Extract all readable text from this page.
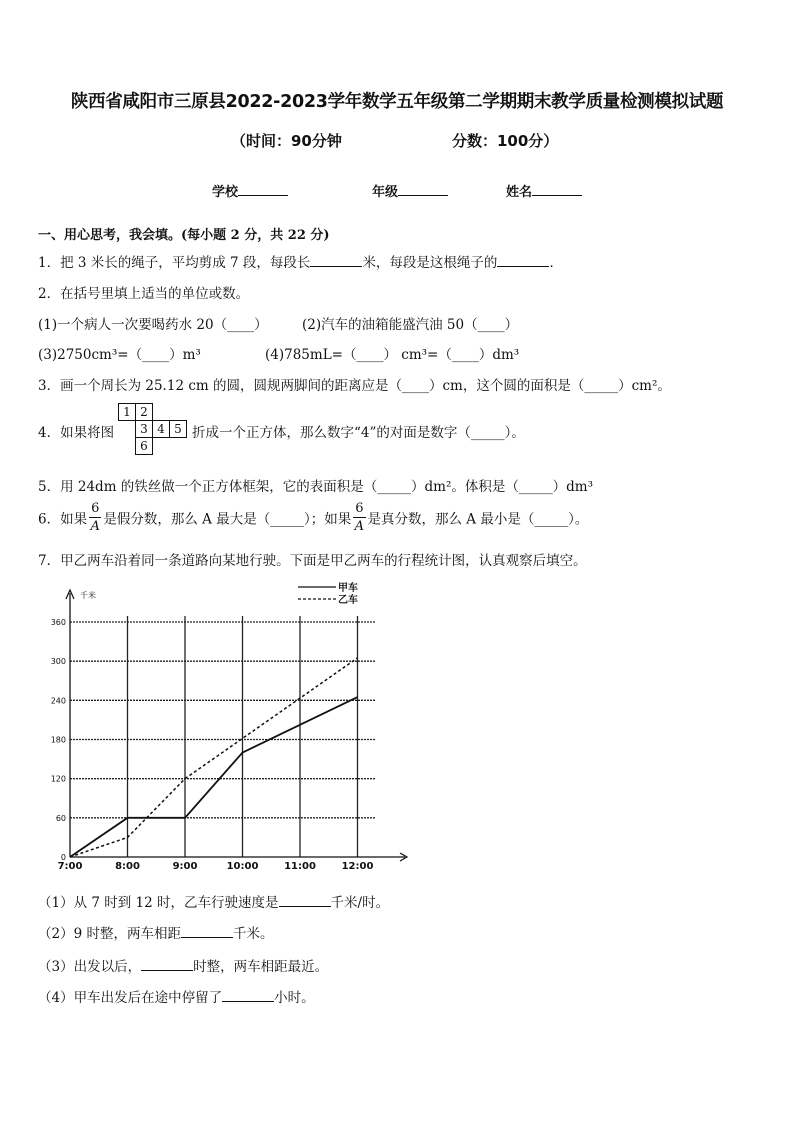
陕西省咸阳市三原县2022-2023学年数学五年级第二学期期末教学质量检测模拟试题
（时间：90分钟	分数：100分）
学校	年级	姓名
一、用心思考，我会填。(每小题 2 分，共 22 分)
1．把 3 米长的绳子，平均剪成 7 段，每段长	米，每段是这根绳子的	．
2．在括号里填上适当的单位或数。
(1)一个病人一次要喝药水 20（____）	(2)汽车的油箱能盛汽油 50（____）
(3)2750cm³=（____）m³	(4)785mL=（____） cm³=（____）dm³
3．画一个周长为 25.12 cm 的圆，圆规两脚间的距离应是（____）cm，这个圆的面积是（_____）cm²。
4．如果将图
1 2
3 4 5
6
折成一个正方体，那么数字“4”的对面是数字（_____）。
5．用 24dm 的铁丝做一个正方体框架，它的表面积是（_____）dm²。体积是（_____）dm³
6．如果 $\frac{6}{A}$ 是假分数，那么 A 最大是（_____）；如果 $\frac{6}{A}$ 是真分数，那么 A 最小是（_____）。
7．甲乙两车沿着同一条道路向某地行驶。下面是甲乙两车的行程统计图，认真观察后填空。
0
60
120
180
240
300
360
7:00	8:00	9:00	10:00	11:00	12:00
千米
甲车
乙车
（1）从 7 时到 12 时，乙车行驶速度是	千米/时。
（2）9 时整，两车相距	千米。
（3）出发以后，	时整，两车相距最近。
（4）甲车出发后在途中停留了	小时。
